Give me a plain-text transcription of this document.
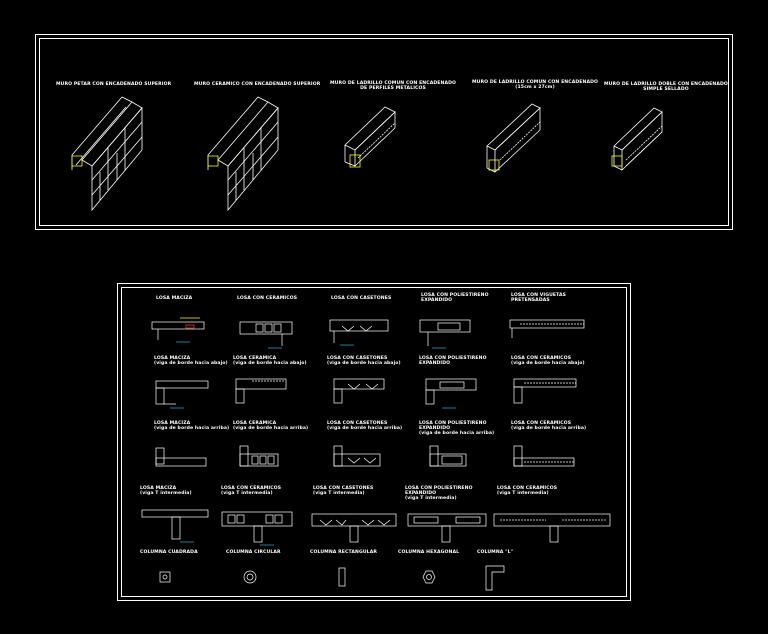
MURO PETAR CON ENCADENADO SUPERIOR	MURO CERAMICO CON ENCADENADO SUPERIOR MURO DE LADRILLO COMUN CON ENCADENADO
DE PERFILES METALICOS
MURO DE LADRILLO COMUN CON ENCADENADO
(15cm x 27cm)
MURO DE LADRILLO DOBLE CON ENCADENADO
SIMPLE SELLADO
LOSA MACIZA	LOSA CON CERAMICOS	LOSA CON CASETONES
LOSA CON POLIESTIRENO
EXPANDIDO
LOSA CON VIGUETAS
PRETENSADAS
LOSA MACIZA
(viga de borde hacia abajo)
LOSA CERAMICA
(viga de borde hacia abajo)
LOSA CON CASETONES
(viga de borde hacia abajo)
LOSA CON POLIESTIRENO
EXPANDIDO
LOSA CON CERAMICOS
(viga de borde hacia abajo)
LOSA MACIZA
(viga de borde hacia arriba)
LOSA CERAMICA
(viga de borde hacia arriba)
LOSA CON CASETONES
(viga de borde hacia arriba)
LOSA CON POLIESTIRENO
EXPANDIDO
(viga de borde hacia arriba)
LOSA CON CERAMICOS
(viga de borde hacia arriba)
LOSA MACIZA
(viga T intermedia)
LOSA CON CERAMICOS
(viga T intermedia)
LOSA CON CASETONES
(viga T intermedia)
LOSA CON POLIESTIRENO
EXPANDIDO
(viga T intermedia)
LOSA CON CERAMICOS
(viga T intermedia)
COLUMNA CUADRADA	COLUMNA CIRCULAR	COLUMNA RECTANGULAR	COLUMNA HEXAGONAL	COLUMNA "L"
